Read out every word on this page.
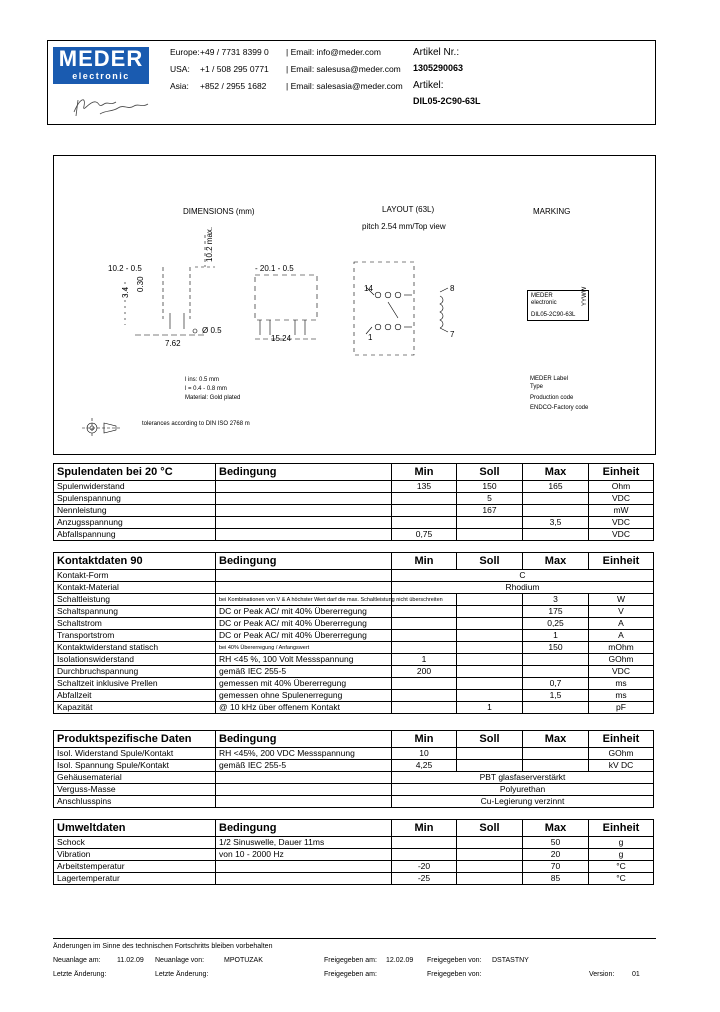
MEDER
electronic
Europe: +49 / 7731 8399 0 | Email: info@meder.com
USA: +1 / 508 295 0771 | Email: salesusa@meder.com
Asia: +852 / 2955 1682 | Email: salesasia@meder.com
Artikel Nr.:
1305290063
Artikel:
DIL05-2C90-63L
DIMENSIONS (mm)	LAYOUT (63L)
pitch 2.54 mm/Top view
MARKING
10.2 - 0.5
10.2 max.
3.4
0.30
- 20.1 - 0.5
Ø 0.5
7.62
15.24
14
1
8
7
MEDER
electronic
DIL05-2C90-63L
YYWW
MEDER Label
Type
Production code
ENDCO-Factory code
l ins: 0.5 mm
l = 0.4 - 0.8 mm
Material: Gold plated
tolerances according to DIN ISO 2768 m
Spulendaten bei 20 °C	Bedingung	Min	Soll	Max	Einheit
Spulenwiderstand		135	150	165	Ohm
Spulenspannung			5		VDC
Nennleistung			167		mW
Anzugsspannung				3,5	VDC
Abfallspannung		0,75			VDC
Kontaktdaten 90	Bedingung	Min	Soll	Max	Einheit
Kontakt-Form		C			
Kontakt-Material		Rhodium			
Schaltleistung	bei Kombinationen von V & A höchster Wert darf die max. Schaltleistung nicht überschreiten			3	W
Schaltspannung	DC or Peak AC/ mit 40% Übererregung			175	V
Schaltstrom	DC or Peak AC/ mit 40% Übererregung			0,25	A
Transportstrom	DC or Peak AC/ mit 40% Übererregung			1	A
Kontaktwiderstand statisch	bei 40% Übererregung / Anfangswert			150	mOhm
Isolationswiderstand	RH <45 %, 100 Volt Messspannung	1			GOhm
Durchbruchspannung	gemäß IEC 255-5	200			VDC
Schaltzeit inklusive Prellen	gemessen mit 40% Übererregung			0,7	ms
Abfallzeit	gemessen ohne Spulenerregung			1,5	ms
Kapazität	@ 10 kHz über offenem Kontakt		1		pF
Produktspezifische Daten	Bedingung	Min	Soll	Max	Einheit
Isol. Widerstand Spule/Kontakt	RH <45%, 200 VDC Messspannung	10			GOhm
Isol. Spannung Spule/Kontakt	gemäß IEC 255-5	4,25			kV DC
Gehäusematerial		PBT glasfaserverstärkt			
Verguss-Masse		Polyurethan			
Anschlusspins		Cu-Legierung verzinnt			
Umweltdaten	Bedingung	Min	Soll	Max	Einheit
Schock	1/2 Sinuswelle, Dauer 11ms			50	g
Vibration	von 10 - 2000 Hz			20	g
Arbeitstemperatur		-20		70	°C
Lagertemperatur		-25		85	°C
Änderungen im Sinne des technischen Fortschritts bleiben vorbehalten
Neuanlage am: 11.02.09 Neuanlage von:	MPOTUZAK	Freigegeben am: 12.02.09 Freigegeben von: DSTASTNY
Letzte Änderung:	Letzte Änderung:	Freigegeben am:	Freigegeben von:	Version:	01
